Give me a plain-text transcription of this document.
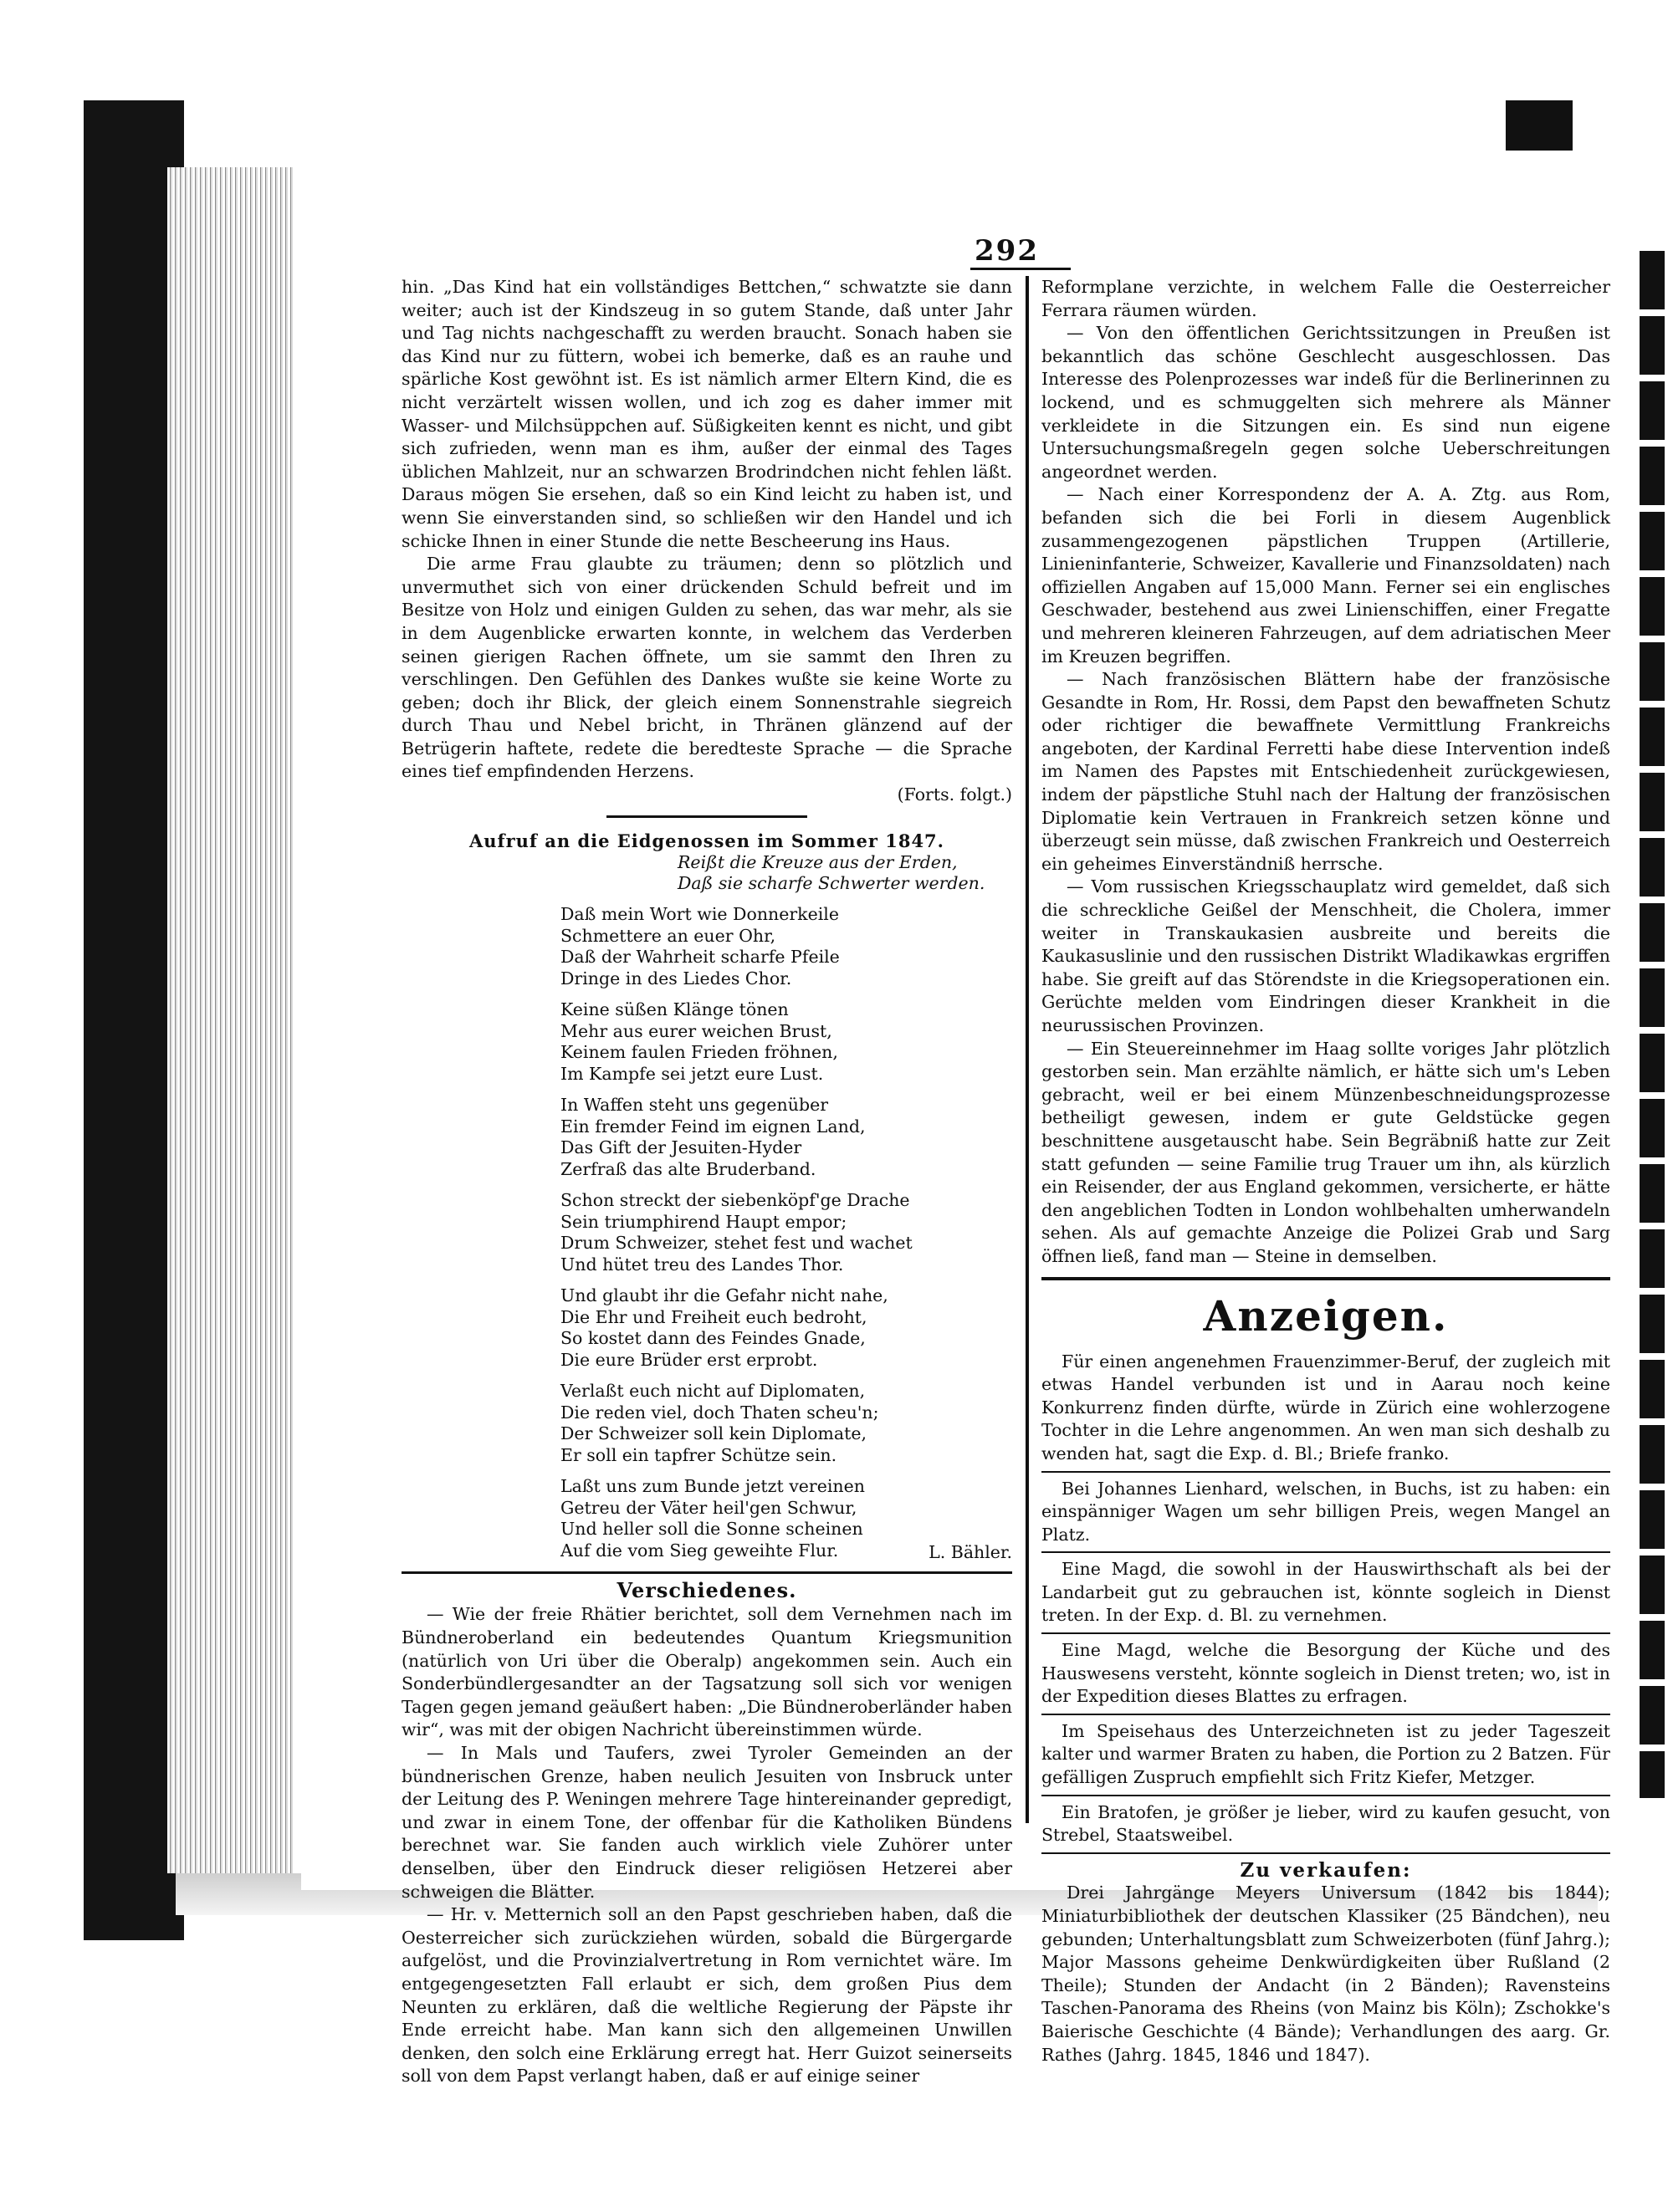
292

hin. „Das Kind hat ein vollständiges Bettchen,“ schwatzte sie dann weiter; auch ist der Kindszeug in so gutem Stande, daß unter Jahr und Tag nichts nachgeschafft zu werden braucht. Sonach haben sie das Kind nur zu füttern, wobei ich bemerke, daß es an rauhe und spärliche Kost gewöhnt ist. Es ist nämlich armer Eltern Kind, die es nicht verzärtelt wissen wollen, und ich zog es daher immer mit Wasser- und Milchsüppchen auf. Süßigkeiten kennt es nicht, und gibt sich zufrieden, wenn man es ihm, außer der einmal des Tages üblichen Mahlzeit, nur an schwarzen Brodrindchen nicht fehlen läßt. Daraus mögen Sie ersehen, daß so ein Kind leicht zu haben ist, und wenn Sie einverstanden sind, so schließen wir den Handel und ich schicke Ihnen in einer Stunde die nette Bescheerung ins Haus.

Die arme Frau glaubte zu träumen; denn so plötzlich und unvermuthet sich von einer drückenden Schuld befreit und im Besitze von Holz und einigen Gulden zu sehen, das war mehr, als sie in dem Augenblicke erwarten konnte, in welchem das Verderben seinen gierigen Rachen öffnete, um sie sammt den Ihren zu verschlingen. Den Gefühlen des Dankes wußte sie keine Worte zu geben; doch ihr Blick, der gleich einem Sonnenstrahle siegreich durch Thau und Nebel bricht, in Thränen glänzend auf der Betrügerin haftete, redete die beredteste Sprache — die Sprache eines tief empfindenden Herzens.

(Forts. folgt.)
Aufruf an die Eidgenossen im Sommer 1847.
Reißt die Kreuze aus der Erden,
Daß sie scharfe Schwerter werden.
Daß mein Wort wie Donnerkeile
Schmettere an euer Ohr,
Daß der Wahrheit scharfe Pfeile
Dringe in des Liedes Chor.
Keine süßen Klänge tönen
Mehr aus eurer weichen Brust,
Keinem faulen Frieden fröhnen,
Im Kampfe sei jetzt eure Lust.
In Waffen steht uns gegenüber
Ein fremder Feind im eignen Land,
Das Gift der Jesuiten-Hyder
Zerfraß das alte Bruderband.
Schon streckt der siebenköpf'ge Drache
Sein triumphirend Haupt empor;
Drum Schweizer, stehet fest und wachet
Und hütet treu des Landes Thor.
Und glaubt ihr die Gefahr nicht nahe,
Die Ehr und Freiheit euch bedroht,
So kostet dann des Feindes Gnade,
Die eure Brüder erst erprobt.
Verlaßt euch nicht auf Diplomaten,
Die reden viel, doch Thaten scheu'n;
Der Schweizer soll kein Diplomate,
Er soll ein tapfrer Schütze sein.
Laßt uns zum Bunde jetzt vereinen
Getreu der Väter heil'gen Schwur,
Und heller soll die Sonne scheinen
Auf die vom Sieg geweihte Flur.	L. Bähler.
Verschiedenes.

— Wie der freie Rhätier berichtet, soll dem Vernehmen nach im Bündneroberland ein bedeutendes Quantum Kriegsmunition (natürlich von Uri über die Oberalp) angekommen sein. Auch ein Sonderbündlergesandter an der Tagsatzung soll sich vor wenigen Tagen gegen jemand geäußert haben: „Die Bündneroberländer haben wir“, was mit der obigen Nachricht übereinstimmen würde.

— In Mals und Taufers, zwei Tyroler Gemeinden an der bündnerischen Grenze, haben neulich Jesuiten von Insbruck unter der Leitung des P. Weningen mehrere Tage hintereinander gepredigt, und zwar in einem Tone, der offenbar für die Katholiken Bündens berechnet war. Sie fanden auch wirklich viele Zuhörer unter denselben, über den Eindruck dieser religiösen Hetzerei aber schweigen die Blätter.

— Hr. v. Metternich soll an den Papst geschrieben haben, daß die Oesterreicher sich zurückziehen würden, sobald die Bürgergarde aufgelöst, und die Provinzialvertretung in Rom vernichtet wäre. Im entgegengesetzten Fall erlaubt er sich, dem großen Pius dem Neunten zu erklären, daß die weltliche Regierung der Päpste ihr Ende erreicht habe. Man kann sich den allgemeinen Unwillen denken, den solch eine Erklärung erregt hat. Herr Guizot seinerseits soll von dem Papst verlangt haben, daß er auf einige seiner

Reformplane verzichte, in welchem Falle die Oesterreicher Ferrara räumen würden.

— Von den öffentlichen Gerichtssitzungen in Preußen ist bekanntlich das schöne Geschlecht ausgeschlossen. Das Interesse des Polenprozesses war indeß für die Berlinerinnen zu lockend, und es schmuggelten sich mehrere als Männer verkleidete in die Sitzungen ein. Es sind nun eigene Untersuchungsmaßregeln gegen solche Ueberschreitungen angeordnet werden.

— Nach einer Korrespondenz der A. A. Ztg. aus Rom, befanden sich die bei Forli in diesem Augenblick zusammengezogenen päpstlichen Truppen (Artillerie, Linieninfanterie, Schweizer, Kavallerie und Finanzsoldaten) nach offiziellen Angaben auf 15,000 Mann. Ferner sei ein englisches Geschwader, bestehend aus zwei Linienschiffen, einer Fregatte und mehreren kleineren Fahrzeugen, auf dem adriatischen Meer im Kreuzen begriffen.

— Nach französischen Blättern habe der französische Gesandte in Rom, Hr. Rossi, dem Papst den bewaffneten Schutz oder richtiger die bewaffnete Vermittlung Frankreichs angeboten, der Kardinal Ferretti habe diese Intervention indeß im Namen des Papstes mit Entschiedenheit zurückgewiesen, indem der päpstliche Stuhl nach der Haltung der französischen Diplomatie kein Vertrauen in Frankreich setzen könne und überzeugt sein müsse, daß zwischen Frankreich und Oesterreich ein geheimes Einverständniß herrsche.

— Vom russischen Kriegsschauplatz wird gemeldet, daß sich die schreckliche Geißel der Menschheit, die Cholera, immer weiter in Transkaukasien ausbreite und bereits die Kaukasuslinie und den russischen Distrikt Wladikawkas ergriffen habe. Sie greift auf das Störendste in die Kriegsoperationen ein. Gerüchte melden vom Eindringen dieser Krankheit in die neurussischen Provinzen.

— Ein Steuereinnehmer im Haag sollte voriges Jahr plötzlich gestorben sein. Man erzählte nämlich, er hätte sich um's Leben gebracht, weil er bei einem Münzenbeschneidungsprozesse betheiligt gewesen, indem er gute Geldstücke gegen beschnittene ausgetauscht habe. Sein Begräbniß hatte zur Zeit statt gefunden — seine Familie trug Trauer um ihn, als kürzlich ein Reisender, der aus England gekommen, versicherte, er hätte den angeblichen Todten in London wohlbehalten umherwandeln sehen. Als auf gemachte Anzeige die Polizei Grab und Sarg öffnen ließ, fand man — Steine in demselben.

Anzeigen.

Für einen angenehmen Frauenzimmer-Beruf, der zugleich mit etwas Handel verbunden ist und in Aarau noch keine Konkurrenz finden dürfte, würde in Zürich eine wohlerzogene Tochter in die Lehre angenommen. An wen man sich deshalb zu wenden hat, sagt die Exp. d. Bl.; Briefe franko.

Bei Johannes Lienhard, welschen, in Buchs, ist zu haben: ein einspänniger Wagen um sehr billigen Preis, wegen Mangel an Platz.

Eine Magd, die sowohl in der Hauswirthschaft als bei der Landarbeit gut zu gebrauchen ist, könnte sogleich in Dienst treten. In der Exp. d. Bl. zu vernehmen.

Eine Magd, welche die Besorgung der Küche und des Hauswesens versteht, könnte sogleich in Dienst treten; wo, ist in der Expedition dieses Blattes zu erfragen.

Im Speisehaus des Unterzeichneten ist zu jeder Tageszeit kalter und warmer Braten zu haben, die Portion zu 2 Batzen. Für gefälligen Zuspruch empfiehlt sich Fritz Kiefer, Metzger.

Ein Bratofen, je größer je lieber, wird zu kaufen gesucht, von Strebel, Staatsweibel.

Zu verkaufen:

Drei Jahrgänge Meyers Universum (1842 bis 1844); Miniaturbibliothek der deutschen Klassiker (25 Bändchen), neu gebunden; Unterhaltungsblatt zum Schweizerboten (fünf Jahrg.); Major Massons geheime Denkwürdigkeiten über Rußland (2 Theile); Stunden der Andacht (in 2 Bänden); Ravensteins Taschen-Panorama des Rheins (von Mainz bis Köln); Zschokke's Baierische Geschichte (4 Bände); Verhandlungen des aarg. Gr. Rathes (Jahrg. 1845, 1846 und 1847).
